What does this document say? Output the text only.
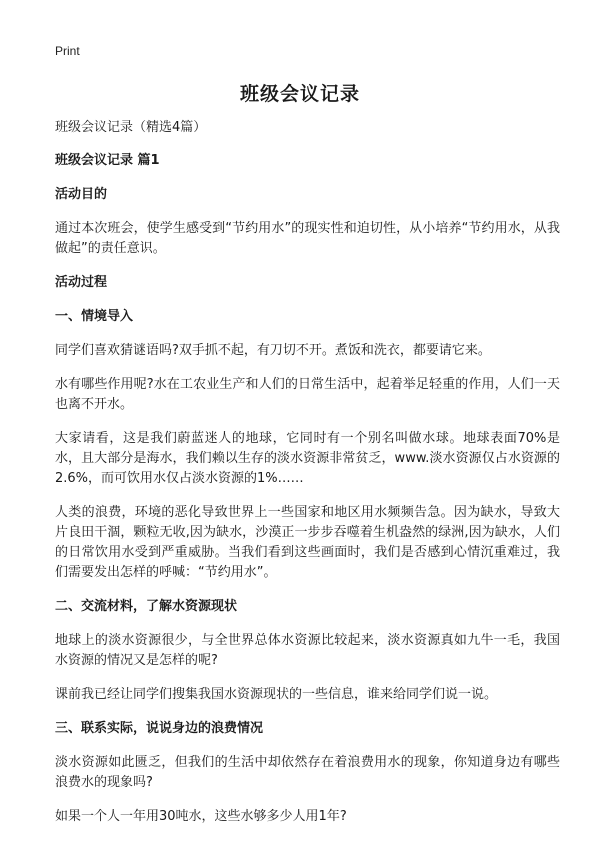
Print
班级会议记录

班级会议记录（精选4篇）

班级会议记录 篇1

活动目的

通过本次班会，使学生感受到“节约用水”的现实性和迫切性，从小培养“节约用水，从我做起”的责任意识。

活动过程

一、情境导入

同学们喜欢猜谜语吗?双手抓不起，有刀切不开。煮饭和洗衣，都要请它来。

水有哪些作用呢?水在工农业生产和人们的日常生活中，起着举足轻重的作用，人们一天也离不开水。

大家请看，这是我们蔚蓝迷人的地球，它同时有一个别名叫做水球。地球表面70%是水，且大部分是海水，我们赖以生存的淡水资源非常贫乏，www.淡水资源仅占水资源的2.6%，而可饮用水仅占淡水资源的1%……

人类的浪费，环境的恶化导致世界上一些国家和地区用水频频告急。因为缺水，导致大片良田干涸，颗粒无收,因为缺水，沙漠正一步步吞噬着生机盎然的绿洲,因为缺水，人们的日常饮用水受到严重威胁。当我们看到这些画面时，我们是否感到心情沉重难过，我们需要发出怎样的呼喊：“节约用水”。

二、交流材料，了解水资源现状

地球上的淡水资源很少，与全世界总体水资源比较起来，淡水资源真如九牛一毛，我国水资源的情况又是怎样的呢?

课前我已经让同学们搜集我国水资源现状的一些信息，谁来给同学们说一说。

三、联系实际，说说身边的浪费情况

淡水资源如此匮乏，但我们的生活中却依然存在着浪费用水的现象，你知道身边有哪些浪费水的现象吗?

如果一个人一年用30吨水，这些水够多少人用1年?
